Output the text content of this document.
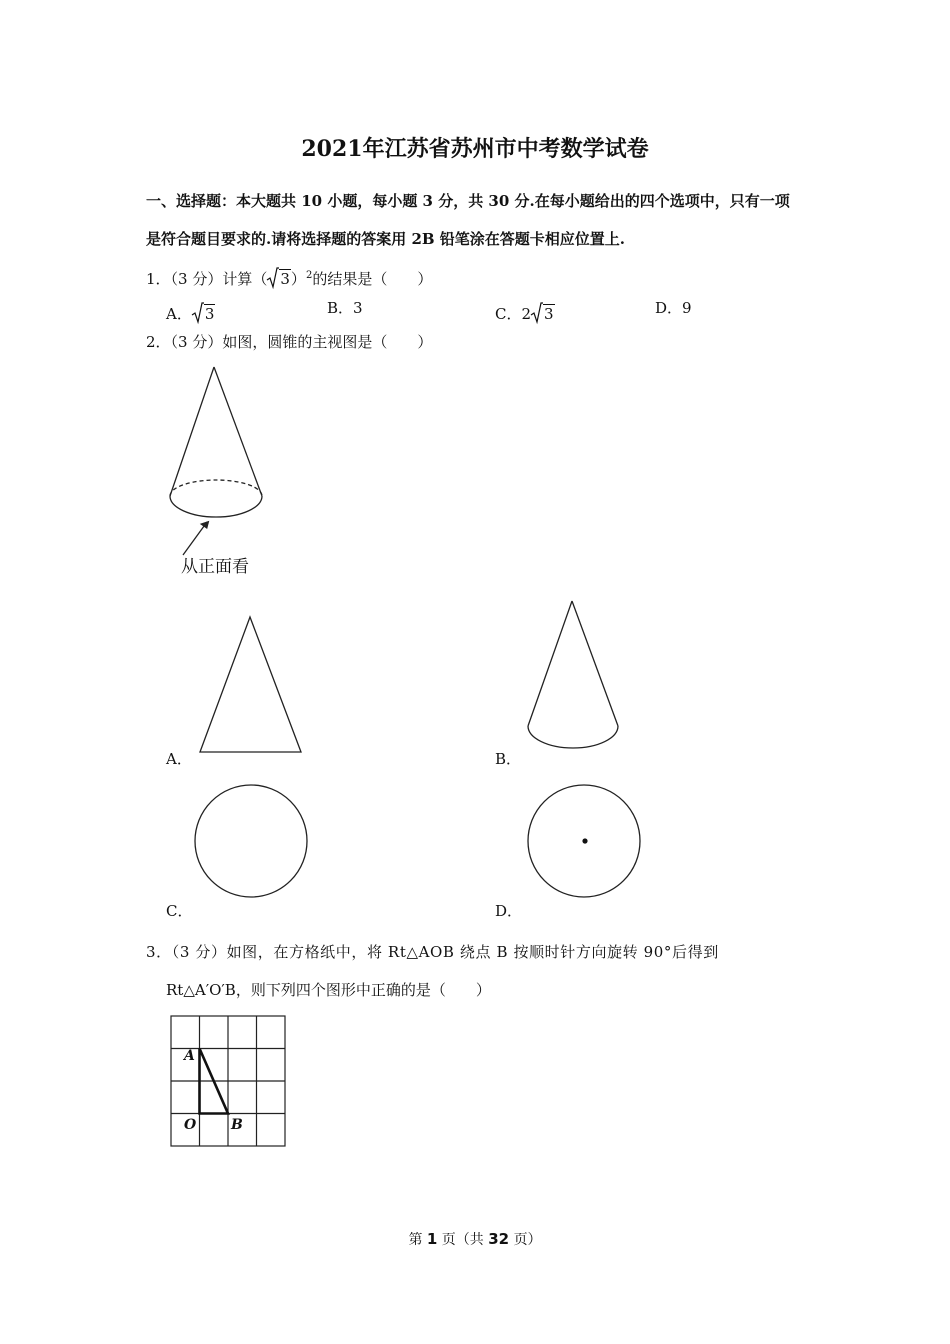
2021年江苏省苏州市中考数学试卷
一、选择题：本大题共 10 小题，每小题 3 分，共 30 分.在每小题给出的四个选项中，只有一项
是符合题目要求的.请将选择题的答案用 2B 铅笔涂在答题卡相应位置上.
1．（3 分）计算（ 3）$^2$的结果是（　　）
A． 3	B．3	C．2 3	D．9
2．（3 分）如图，圆锥的主视图是（　　）
从正面看
A．	B．
C．	D．
3．（3 分）如图，在方格纸中，将 Rt△AOB 绕点 B 按顺时针方向旋转 90°后得到
Rt△A′O′B，则下列四个图形中正确的是（　　）
A
O B
第 1 页（共 32 页）
